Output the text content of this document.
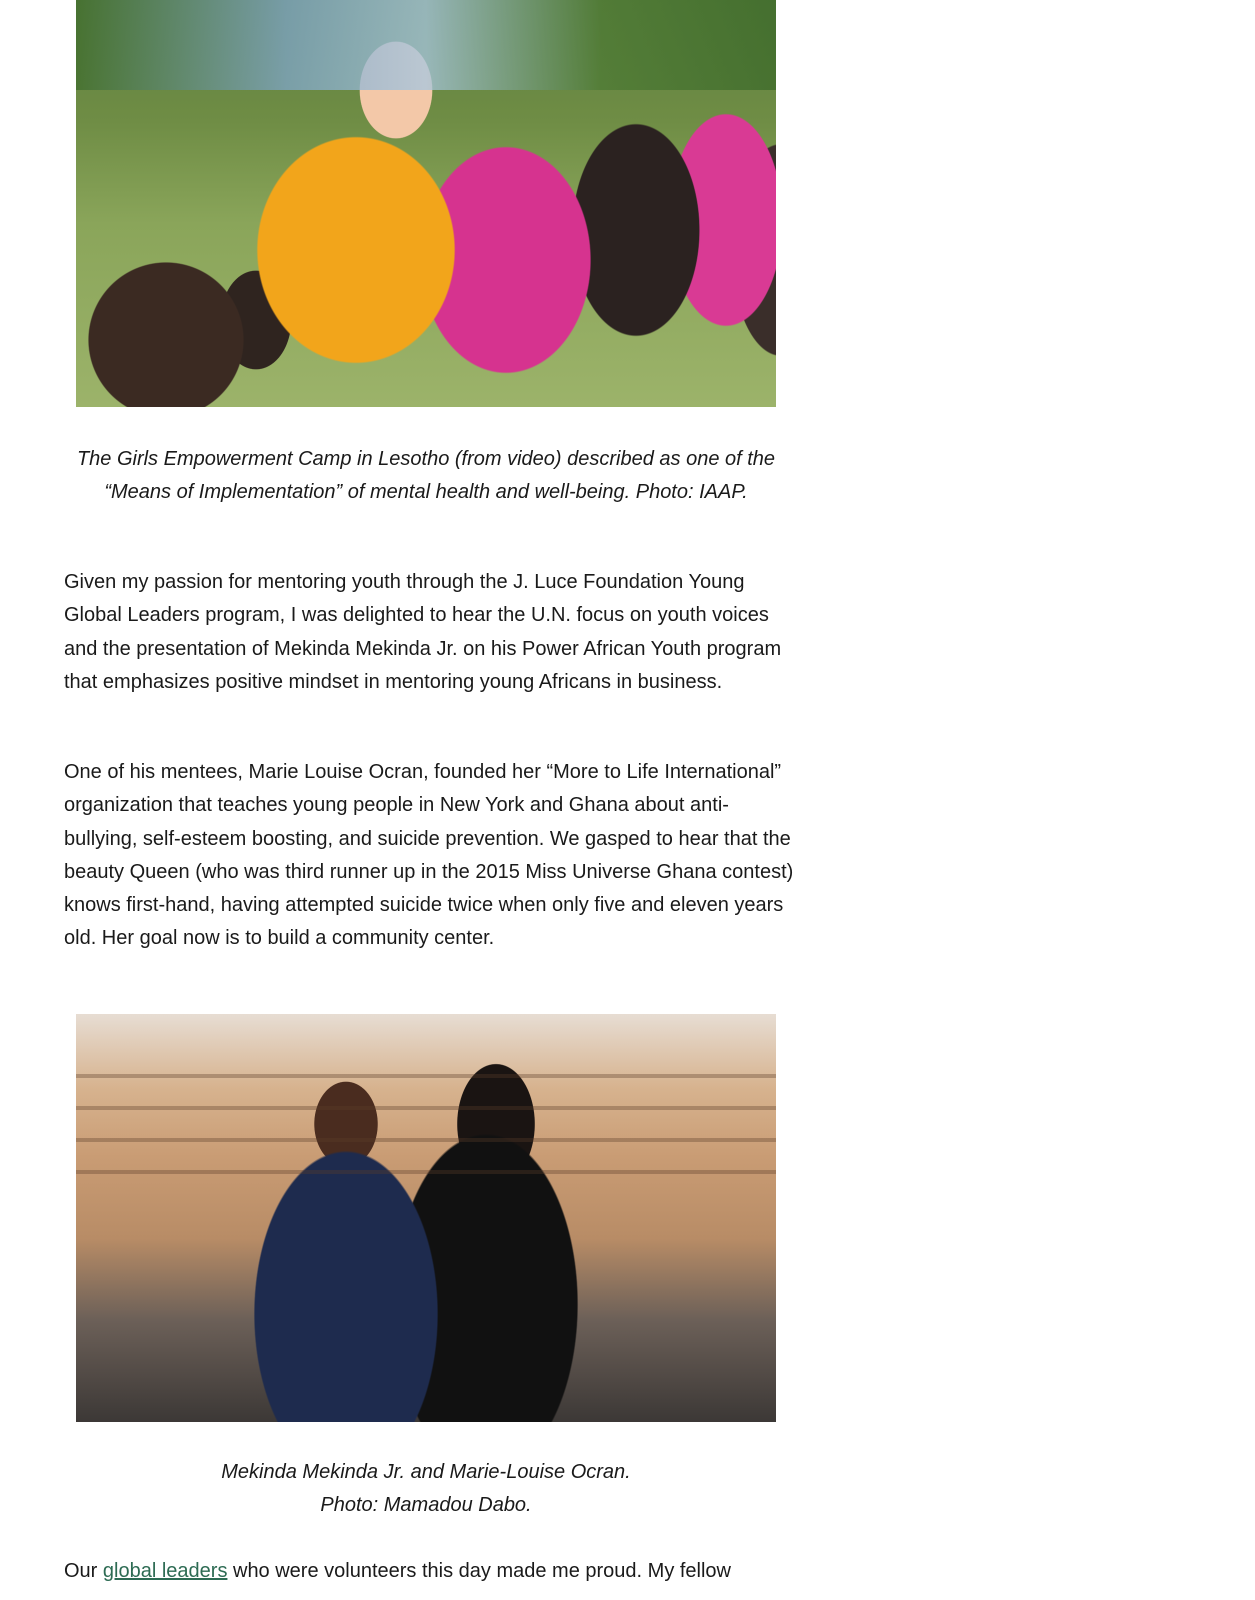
The Girls Empowerment Camp in Lesotho (from video) described as one of the
“Means of Implementation” of mental health and well-being. Photo: IAAP.

Given my passion for mentoring youth through the J. Luce Foundation Young Global Leaders program, I was delighted to hear the U.N. focus on youth voices and the presentation of Mekinda Mekinda Jr. on his Power African Youth program that emphasizes positive mindset in mentoring young Africans in business.

One of his mentees, Marie Louise Ocran, founded her “More to Life International” organization that teaches young people in New York and Ghana about anti-bullying, self-esteem boosting, and suicide prevention. We gasped to hear that the beauty Queen (who was third runner up in the 2015 Miss Universe Ghana contest) knows first-hand, having attempted suicide twice when only five and eleven years old. Her goal now is to build a community center.

Mekinda Mekinda Jr. and Marie-Louise Ocran.
Photo: Mamadou Dabo.

Our global leaders who were volunteers this day made me proud. My fellow
